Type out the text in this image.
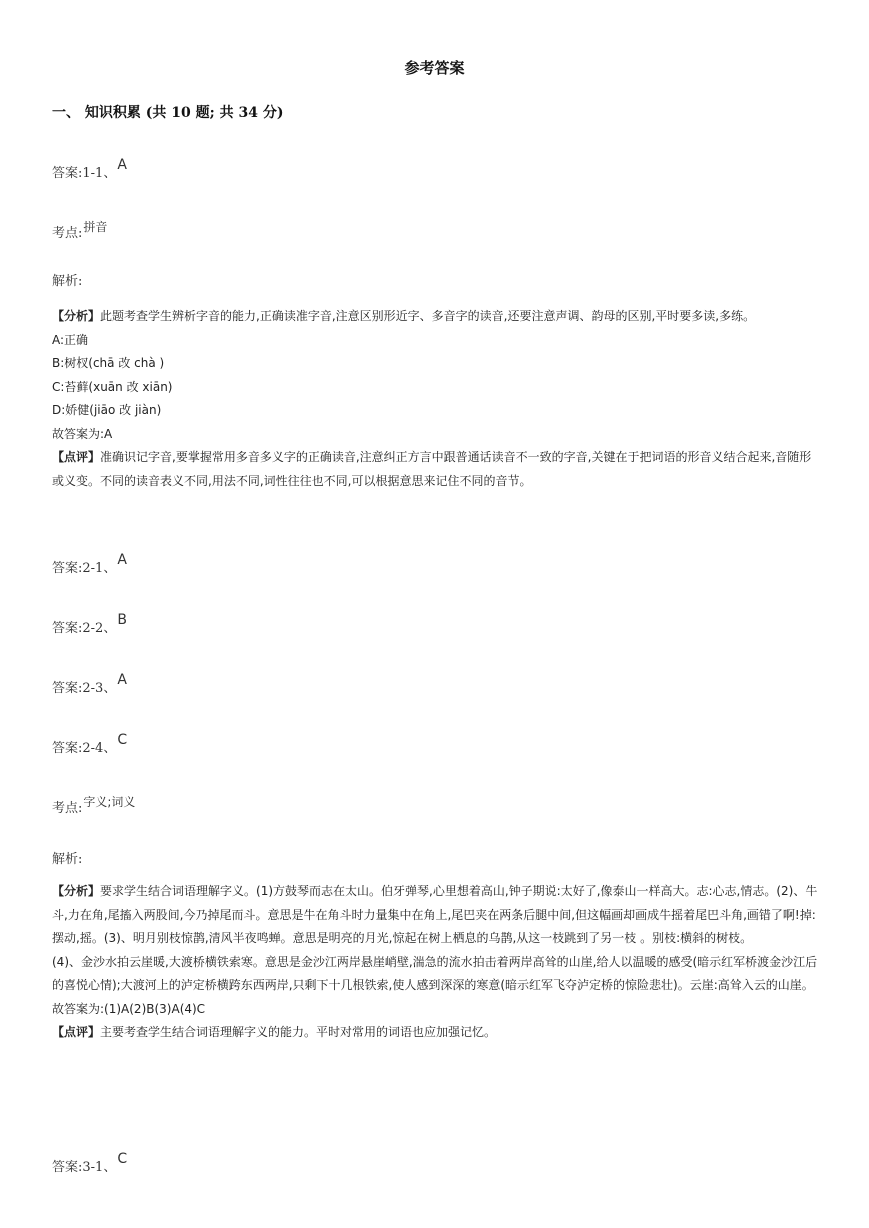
参考答案
一、 知识积累 (共 10 题; 共 34 分)
答案:1-1、A
考点:拼音
解析:

【分析】此题考查学生辨析字音的能力,正确读准字音,注意区别形近字、多音字的读音,还要注意声调、韵母的区别,平时要多读,多练。

A:正确

B:树杈(chā 改 chà )

C:苔藓(xuān 改 xiān)

D:娇健(jiāo 改 jiàn)

故答案为:A

【点评】准确识记字音,要掌握常用多音多义字的正确读音,注意纠正方言中跟普通话读音不一致的字音,关键在于把词语的形音义结合起来,音随形或义变。不同的读音表义不同,用法不同,词性往往也不同,可以根据意思来记住不同的音节。

答案:2-1、A
答案:2-2、B
答案:2-3、A
答案:2-4、C
考点:字义;词义
解析:

【分析】要求学生结合词语理解字义。(1)方鼓琴而志在太山。伯牙弹琴,心里想着高山,钟子期说:太好了,像泰山一样高大。志:心志,情志。(2)、牛斗,力在角,尾搐入两股间,今乃掉尾而斗。意思是牛在角斗时力量集中在角上,尾巴夹在两条后腿中间,但这幅画却画成牛摇着尾巴斗角,画错了啊!掉:摆动,摇。(3)、明月别枝惊鹊,清风半夜鸣蝉。意思是明亮的月光,惊起在树上栖息的乌鹊,从这一枝跳到了另一枝 。别枝:横斜的树枝。

(4)、金沙水拍云崖暖,大渡桥横铁索寒。意思是金沙江两岸悬崖峭壁,湍急的流水拍击着两岸高耸的山崖,给人以温暖的感受(暗示红军桥渡金沙江后的喜悦心情);大渡河上的泸定桥横跨东西两岸,只剩下十几根铁索,使人感到深深的寒意(暗示红军飞夺泸定桥的惊险悲壮)。云崖:高耸入云的山崖。

故答案为:(1)A(2)B(3)A(4)C

【点评】主要考查学生结合词语理解字义的能力。平时对常用的词语也应加强记忆。

答案:3-1、C
